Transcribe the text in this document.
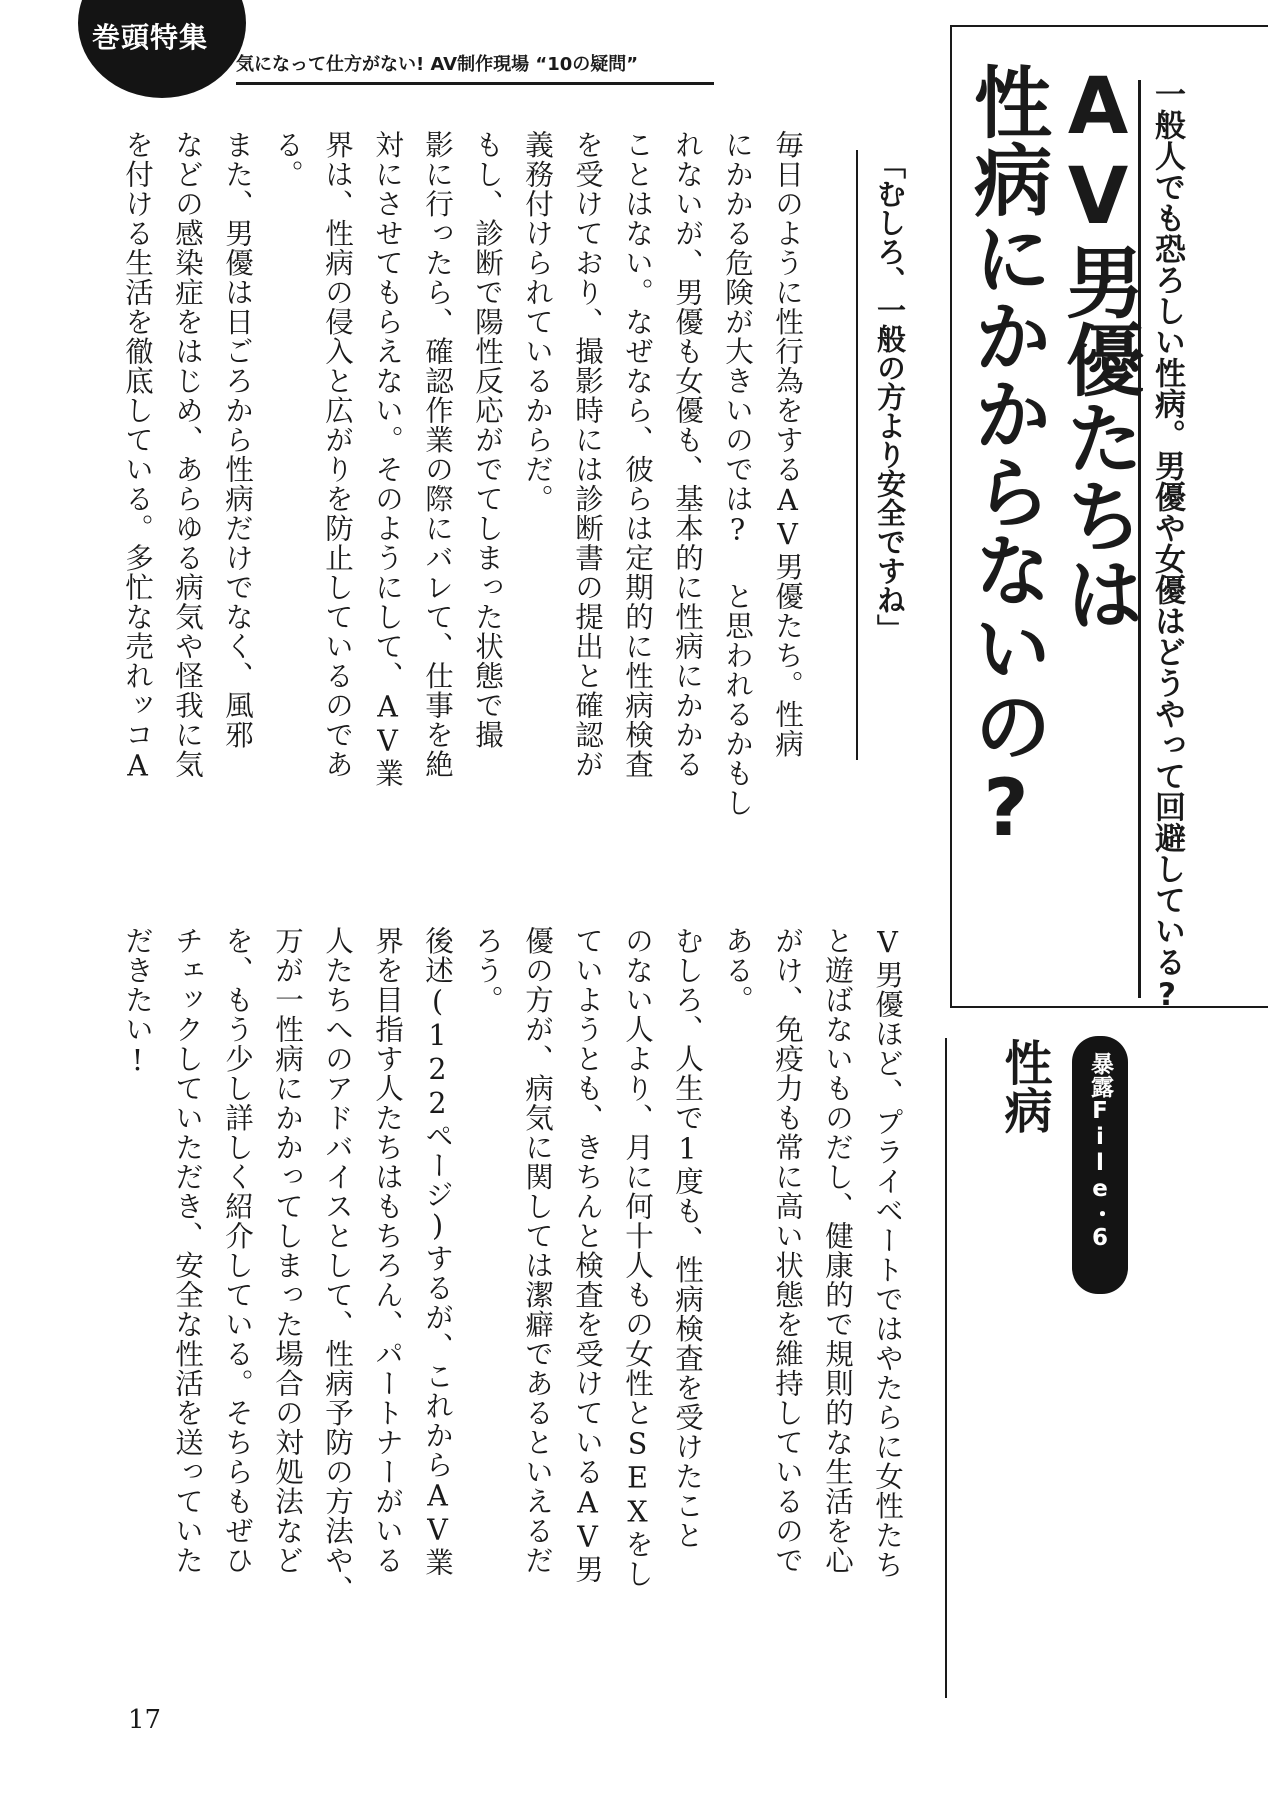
巻頭特集
気になって仕方がない! AV制作現場 “10の疑問”
一般人でも恐ろしい性病。男優や女優はどうやって回避している?
AV男優たちは
性病にかからないの?
暴露File・6
性病
「むしろ、一般の方より安全ですね」
毎日のように性行為をするAV男優たち。性病
にかかる危険が大きいのでは? と思われるかもし
れないが、男優も女優も、基本的に性病にかかる
ことはない。なぜなら、彼らは定期的に性病検査
を受けており、撮影時には診断書の提出と確認が
義務付けられているからだ。
もし、診断で陽性反応がでてしまった状態で撮
影に行ったら、確認作業の際にバレて、仕事を絶
対にさせてもらえない。そのようにして、AV業
界は、性病の侵入と広がりを防止しているのであ
る。
また、男優は日ごろから性病だけでなく、風邪
などの感染症をはじめ、あらゆる病気や怪我に気
を付ける生活を徹底している。多忙な売れッコA
V男優ほど、プライベートではやたらに女性たち
と遊ばないものだし、健康的で規則的な生活を心
がけ、免疫力も常に高い状態を維持しているので
ある。
むしろ、人生で1度も、性病検査を受けたこと
のない人より、月に何十人もの女性とSEXをし
ていようとも、きちんと検査を受けているAV男
優の方が、病気に関しては潔癖であるといえるだ
ろう。
後述(122ページ)するが、これからAV業
界を目指す人たちはもちろん、パートナーがいる
人たちへのアドバイスとして、性病予防の方法や、
万が一性病にかかってしまった場合の対処法など
を、もう少し詳しく紹介している。そちらもぜひ
チェックしていただき、安全な性活を送っていた
だきたい!
17
